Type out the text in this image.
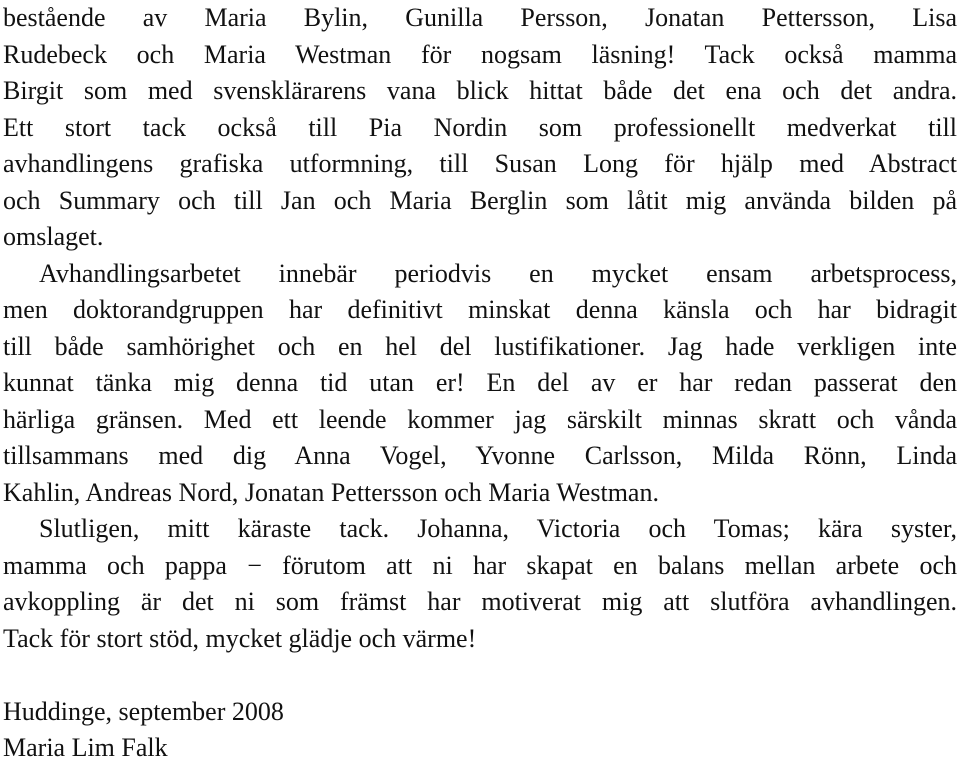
bestående av Maria Bylin, Gunilla Persson, Jonatan Pettersson, Lisa
Rudebeck och Maria Westman för nogsam läsning! Tack också mamma
Birgit som med svensklärarens vana blick hittat både det ena och det andra.
Ett stort tack också till Pia Nordin som professionellt medverkat till
avhandlingens grafiska utformning, till Susan Long för hjälp med Abstract
och Summary och till Jan och Maria Berglin som låtit mig använda bilden på
omslaget.
Avhandlingsarbetet innebär periodvis en mycket ensam arbetsprocess,
men doktorandgruppen har definitivt minskat denna känsla och har bidragit
till både samhörighet och en hel del lustifikationer. Jag hade verkligen inte
kunnat tänka mig denna tid utan er! En del av er har redan passerat den
härliga gränsen. Med ett leende kommer jag särskilt minnas skratt och vånda
tillsammans med dig Anna Vogel, Yvonne Carlsson, Milda Rönn, Linda
Kahlin, Andreas Nord, Jonatan Pettersson och Maria Westman.
Slutligen, mitt käraste tack. Johanna, Victoria och Tomas; kära syster,
mamma och pappa − förutom att ni har skapat en balans mellan arbete och
avkoppling är det ni som främst har motiverat mig att slutföra avhandlingen.
Tack för stort stöd, mycket glädje och värme!
Huddinge, september 2008
Maria Lim Falk
